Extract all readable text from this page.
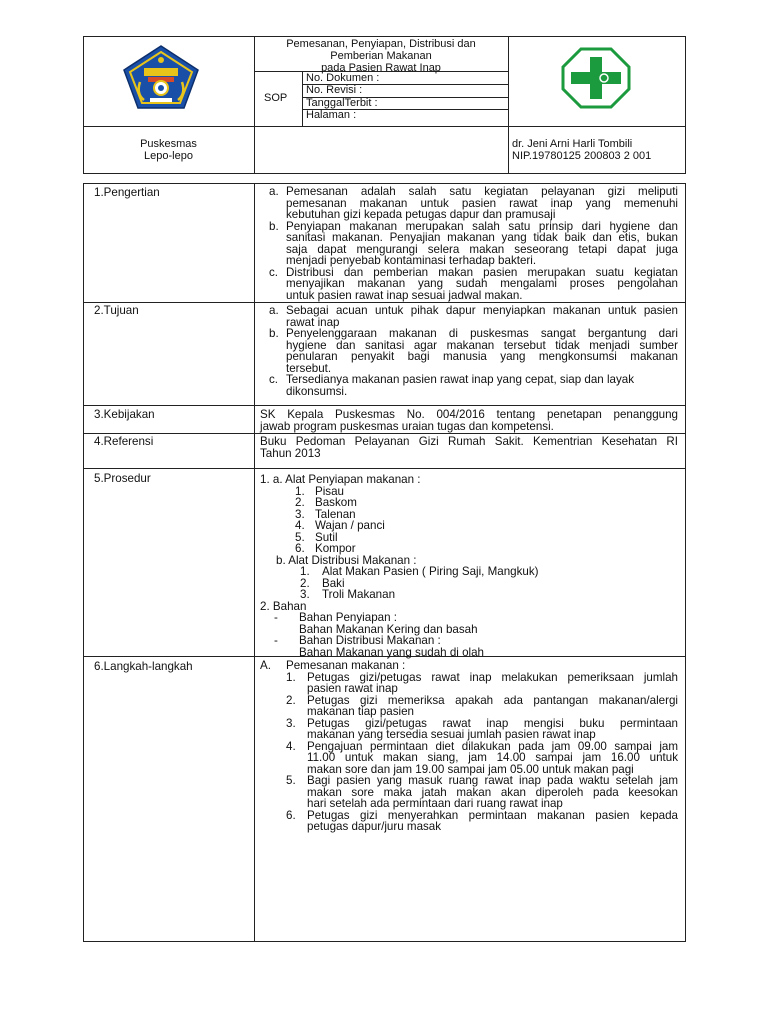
Pemesanan, Penyiapan, Distribusi dan
Pemberian Makanan
pada Pasien Rawat Inap
SOP
No. Dokumen :
No. Revisi :
TanggalTerbit :
Halaman :
Puskesmas
Lepo-lepo
dr. Jeni Arni Harli Tombili
NIP.19780125 200803 2 001
1.Pengertian
2.Tujuan
3.Kebijakan
4.Referensi
5.Prosedur
6.Langkah-langkah
a. Pemesanan adalah salah satu kegiatan pelayanan gizi meliputi
pemesanan makanan untuk pasien rawat inap yang memenuhi
kebutuhan gizi kepada petugas dapur dan pramusaji
b. Penyiapan makanan merupakan salah satu prinsip dari hygiene dan
sanitasi makanan. Penyajian makanan yang tidak baik dan etis, bukan
saja dapat mengurangi selera makan seseorang tetapi dapat juga
menjadi penyebab kontaminasi terhadap bakteri.
c. Distribusi dan pemberian makan pasien merupakan suatu kegiatan
menyajikan makanan yang sudah mengalami proses pengolahan
untuk pasien rawat inap sesuai jadwal makan.
a. Sebagai acuan untuk pihak dapur menyiapkan makanan untuk pasien
rawat inap
b. Penyelenggaraan makanan di puskesmas sangat bergantung dari
hygiene dan sanitasi agar makanan tersebut tidak menjadi sumber
penularan penyakit bagi manusia yang mengkonsumsi makanan
tersebut.
c. Tersedianya makanan pasien rawat inap yang cepat, siap dan layak
dikonsumsi.
SK Kepala Puskesmas No. 004/2016 tentang penetapan penanggung
jawab program puskesmas uraian tugas dan kompetensi.
Buku Pedoman Pelayanan Gizi Rumah Sakit. Kementrian Kesehatan RI
Tahun 2013
1. a. Alat Penyiapan makanan :
1. Pisau
2. Baskom
3. Talenan
4. Wajan / panci
5. Sutil
6. Kompor
b. Alat Distribusi Makanan :
1. Alat Makan Pasien ( Piring Saji, Mangkuk)
2. Baki
3. Troli Makanan
2. Bahan
- Bahan Penyiapan :
Bahan Makanan Kering dan basah
- Bahan Distribusi Makanan :
Bahan Makanan yang sudah di olah
A. Pemesanan makanan :
1. Petugas gizi/petugas rawat inap melakukan pemeriksaan jumlah
pasien rawat inap
2. Petugas gizi memeriksa apakah ada pantangan makanan/alergi
makanan tiap pasien
3. Petugas gizi/petugas rawat inap mengisi buku permintaan
makanan yang tersedia sesuai jumlah pasien rawat inap
4. Pengajuan permintaan diet dilakukan pada jam 09.00 sampai jam
11.00 untuk makan siang, jam 14.00 sampai jam 16.00 untuk
makan sore dan jam 19.00 sampai jam 05.00 untuk makan pagi
5. Bagi pasien yang masuk ruang rawat inap pada waktu setelah jam
makan sore maka jatah makan akan diperoleh pada keesokan
hari setelah ada permintaan dari ruang rawat inap
6. Petugas gizi menyerahkan permintaan makanan pasien kepada
petugas dapur/juru masak
